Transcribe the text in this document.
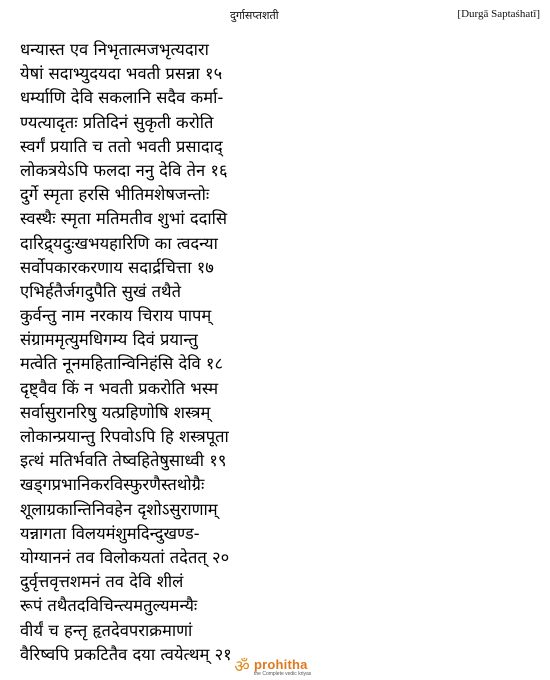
दुर्गासप्तशती	[Durgā Saptaśhatī]
धन्यास्त एव निभृतात्मजभृत्यदारा
येषां सदाभ्युदयदा भवती प्रसन्ना १५
धर्म्याणि देवि सकलानि सदैव कर्मा-
ण्यत्यादृतः प्रतिदिनं सुकृती करोति
स्वर्गं प्रयाति च ततो भवती प्रसादाद्
लोकत्रयेऽपि फलदा ननु देवि तेन १६
दुर्गे स्मृता हरसि भीतिमशेषजन्तोः
स्वस्थैः स्मृता मतिमतीव शुभां ददासि
दारिद्र्यदुःखभयहारिणि का त्वदन्या
सर्वोपकारकरणाय सदार्द्रचित्ता १७
एभिर्हतैर्जगदुपैति सुखं तथैते
कुर्वन्तु नाम नरकाय चिराय पापम्
संग्राममृत्युमधिगम्य दिवं प्रयान्तु
मत्वेति नूनमहितान्विनिहंसि देवि १८
दृष्ट्वैव किं न भवती प्रकरोति भस्म
सर्वासुरानरिषु यत्प्रहिणोषि शस्त्रम्
लोकान्प्रयान्तु रिपवोऽपि हि शस्त्रपूता
इत्थं मतिर्भवति तेष्वहितेषुसाध्वी १९
खड्गप्रभानिकरविस्फुरणैस्तथोग्रैः
शूलाग्रकान्तिनिवहेन दृशोऽसुराणाम्
यन्नागता विलयमंशुमदिन्दुखण्ड-
योग्याननं तव विलोकयतां तदेतत् २०
दुर्वृत्तवृत्तशमनं तव देवि शीलं
रूपं तथैतदविचिन्त्यमतुल्यमन्यैः
वीर्यं च हन्तृ हृतदेवपराक्रमाणां
वैरिष्वपि प्रकटितैव दया त्वयेत्थम् २१
ॐ prohitha
the Complete vedic kriyas
